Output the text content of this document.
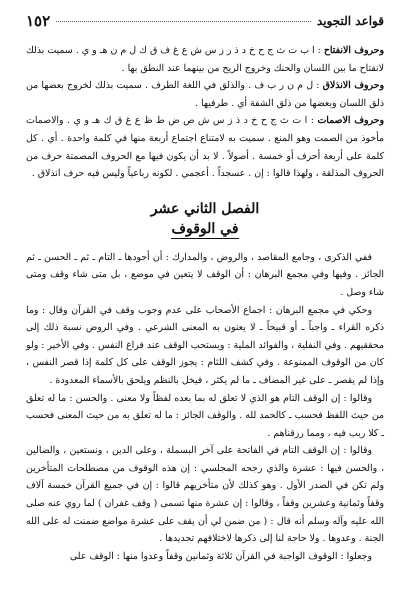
قواعد التجويد
١٥٢

وحروف الانفتاح : ا ب ت ث ج ح خ د ذ ر ز س ش ع غ ف ق ك ل م ن هـ و ي . سميت بذلك لانفتاح ما بين اللسان والحنك وخروج الريح من بينهما عند النطق بها .

وحروف الانذلاق : ل م ن ر ب ف . والذلق في اللغة الطرف . سميت بذلك لخروج بعضها من ذلق اللسان وبعضها من ذلق الشفة أي . طرفيها .

وحروف الاصمات : ا ت ث ج ح خ د ذ ز س ش ص ض ط ظ ع غ ق ك هـ و ي . والاصمات مأخوذ من الصمت وهو المنع . سميت به لامتناع اجتماع أربعة منها في كلمة واحدة . أي . كل كلمة على أربعة أحرف أو خمسة . أصولاً . لا بد أن يكون فيها مع الحروف المصمتة حرف من الحروف المذلقة ، ولهذا قالوا : إن . عسجداً . أعجمي . لكونه رباعياً وليس فيه حرف انذلاق .

الفصل الثاني عشر
في الوقوف

ففي الذكرى ، وجامع المقاصد ، والروض ، والمدارك : أن أجودها ـ التام ـ ثم ـ الحسن ـ ثم الجائز . وفيها وفي مجمع البرهان : أن الوقف لا يتعين في موضع ، بل متى شاء وقف ومتى شاء وصل .

وحكي في مجمع البرهان : اجماع الأصحاب على عدم وجوب وقف في القرآن وقال : وما ذكره القراء ـ واجباً ـ أو قبيحاً ـ لا يعنون به المعنى الشرعي . وفي الروض نسبة ذلك إلى محققيهم . وفي النفلية ، والفوائد الملية : ويستحب الوقف عند فراغ النفس . وفي الأخير : ولو كان من الوقوف الممنوعة . وفي كشف اللثام : يجوز الوقف على كل كلمة إذا قصر النفس ، وإذا لم يقصر ـ على غير المضاف ـ ما لم يكثر ، فيخل بالنظم ويلحق بالأسماء المعدودة .

وقالوا : إن الوقف التام هو الذي لا تعلق له بما بعده لفظاً ولا معنى . والحسن : ما له تعلق من حيث اللفظ فحسب ـ كالحمد لله . والوقف الجائز : ما له تعلق به من حيث المعنى فحسب ـ كلا ربب فيه ، ومما رزقناهم .

وقالوا : إن الوقف التام في الفاتحة على آخر البسملة ، وعلى الدين ، ونستعين ، والضالين ، والحسن فيها : عشرة والذي رجحه المجلسي : إن هذه الوقوف من مصطلحات المتأخرين ولم تكن في الصدر الأول . وهو كذلك لأن متأخريهم قالوا : إن في جميع القرآن خمسة آلاف وقفاً وثمانية وعشرين وقفاً ، وقالوا : إن عشرة منها تسمى ( وقف غفران ) لما روي عنه صلى الله عليه وآله وسلم أنه قال : ( من ضمن لي أن يقف على عشرة مواضع ضمنت له على الله الجنة . وعدوها . ولا حاجة لنا إلى ذكرها لاختلافهم تحديدها .

وجعلوا : الوقوف الواجبة في القرآن ثلاثة وثمانين وقفاً وعدوا منها : الوقف على
